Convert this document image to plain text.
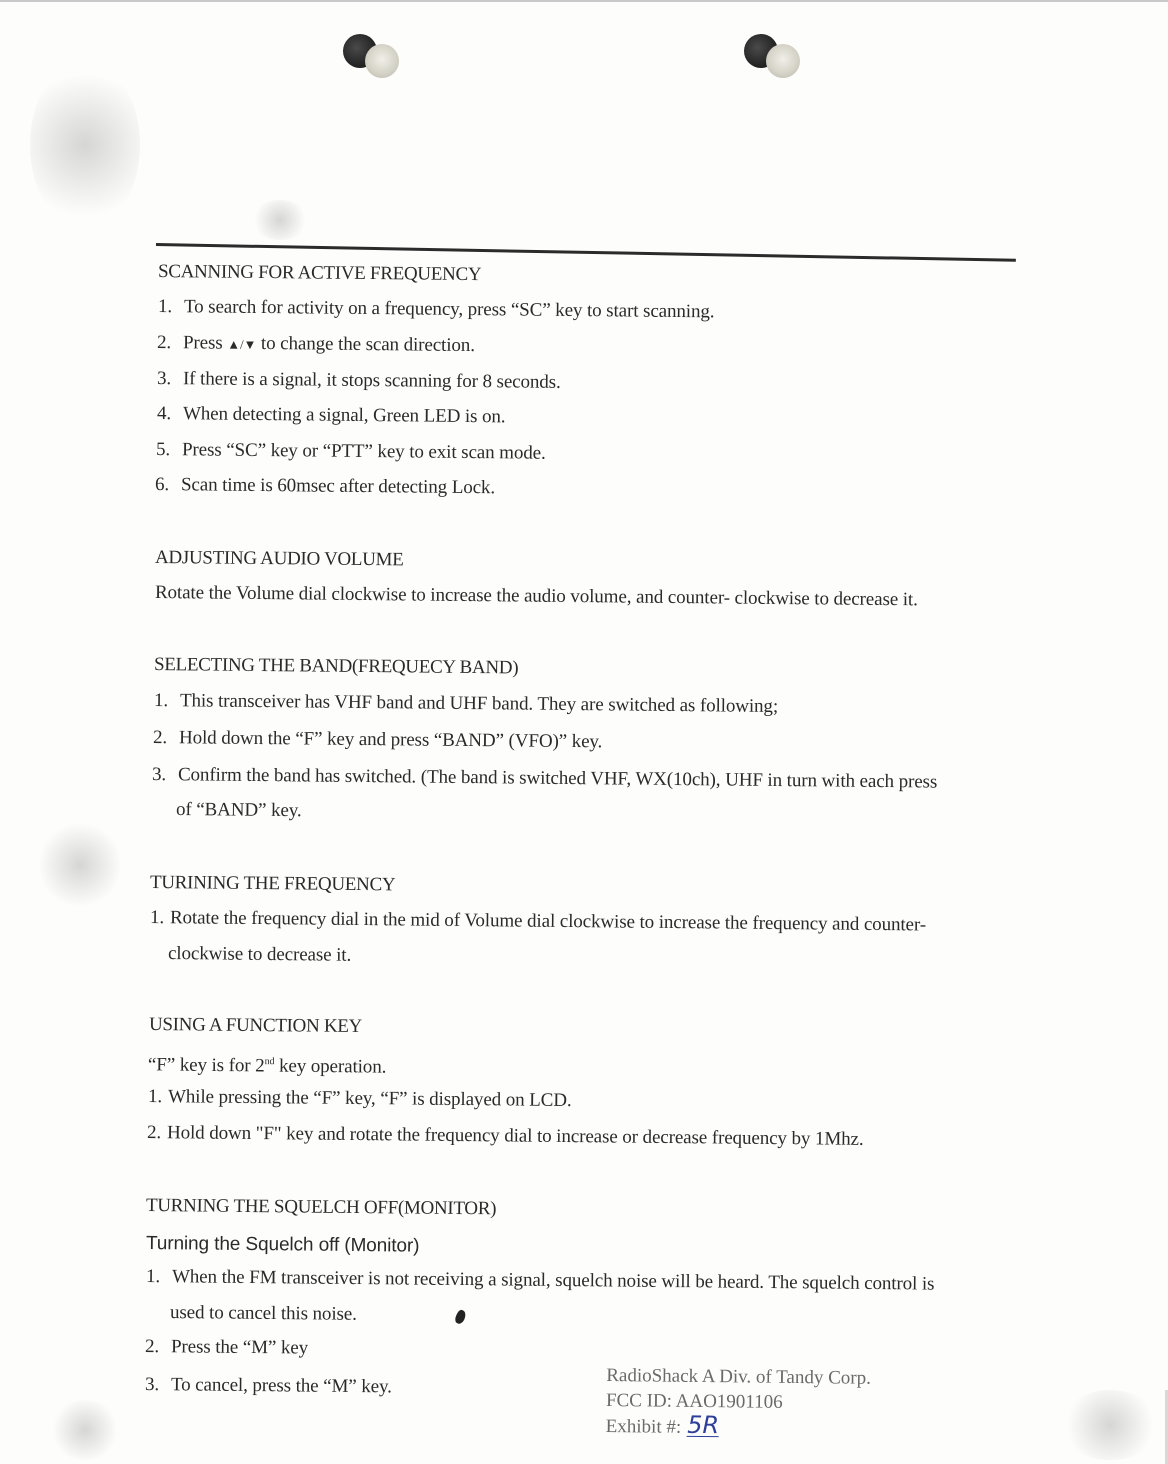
SCANNING FOR ACTIVE FREQUENCY
1. To search for activity on a frequency, press “SC” key to start scanning.
2. Press ▲/▼ to change the scan direction.
3. If there is a signal, it stops scanning for 8 seconds.
4. When detecting a signal, Green LED is on.
5. Press “SC” key or “PTT” key to exit scan mode.
6. Scan time is 60msec after detecting Lock.
ADJUSTING AUDIO VOLUME
Rotate the Volume dial clockwise to increase the audio volume, and counter- clockwise to decrease it.
SELECTING THE BAND(FREQUECY BAND)
1. This transceiver has VHF band and UHF band. They are switched as following;
2. Hold down the “F” key and press “BAND” (VFO)” key.
3. Confirm the band has switched. (The band is switched VHF, WX(10ch), UHF in turn with each press
of “BAND” key.
TURINING THE FREQUENCY
1. Rotate the frequency dial in the mid of Volume dial clockwise to increase the frequency and counter-
clockwise to decrease it.
USING A FUNCTION KEY
“F” key is for 2nd key operation.
1. While pressing the “F” key, “F” is displayed on LCD.
2. Hold down "F" key and rotate the frequency dial to increase or decrease frequency by 1Mhz.
TURNING THE SQUELCH OFF(MONITOR)
Turning the Squelch off (Monitor)
1. When the FM transceiver is not receiving a signal, squelch noise will be heard. The squelch control is
used to cancel this noise.
2. Press the “M” key
3. To cancel, press the “M” key.	RadioShack A Div. of Tandy Corp.
FCC ID: AAO1901106
Exhibit #: 5R
